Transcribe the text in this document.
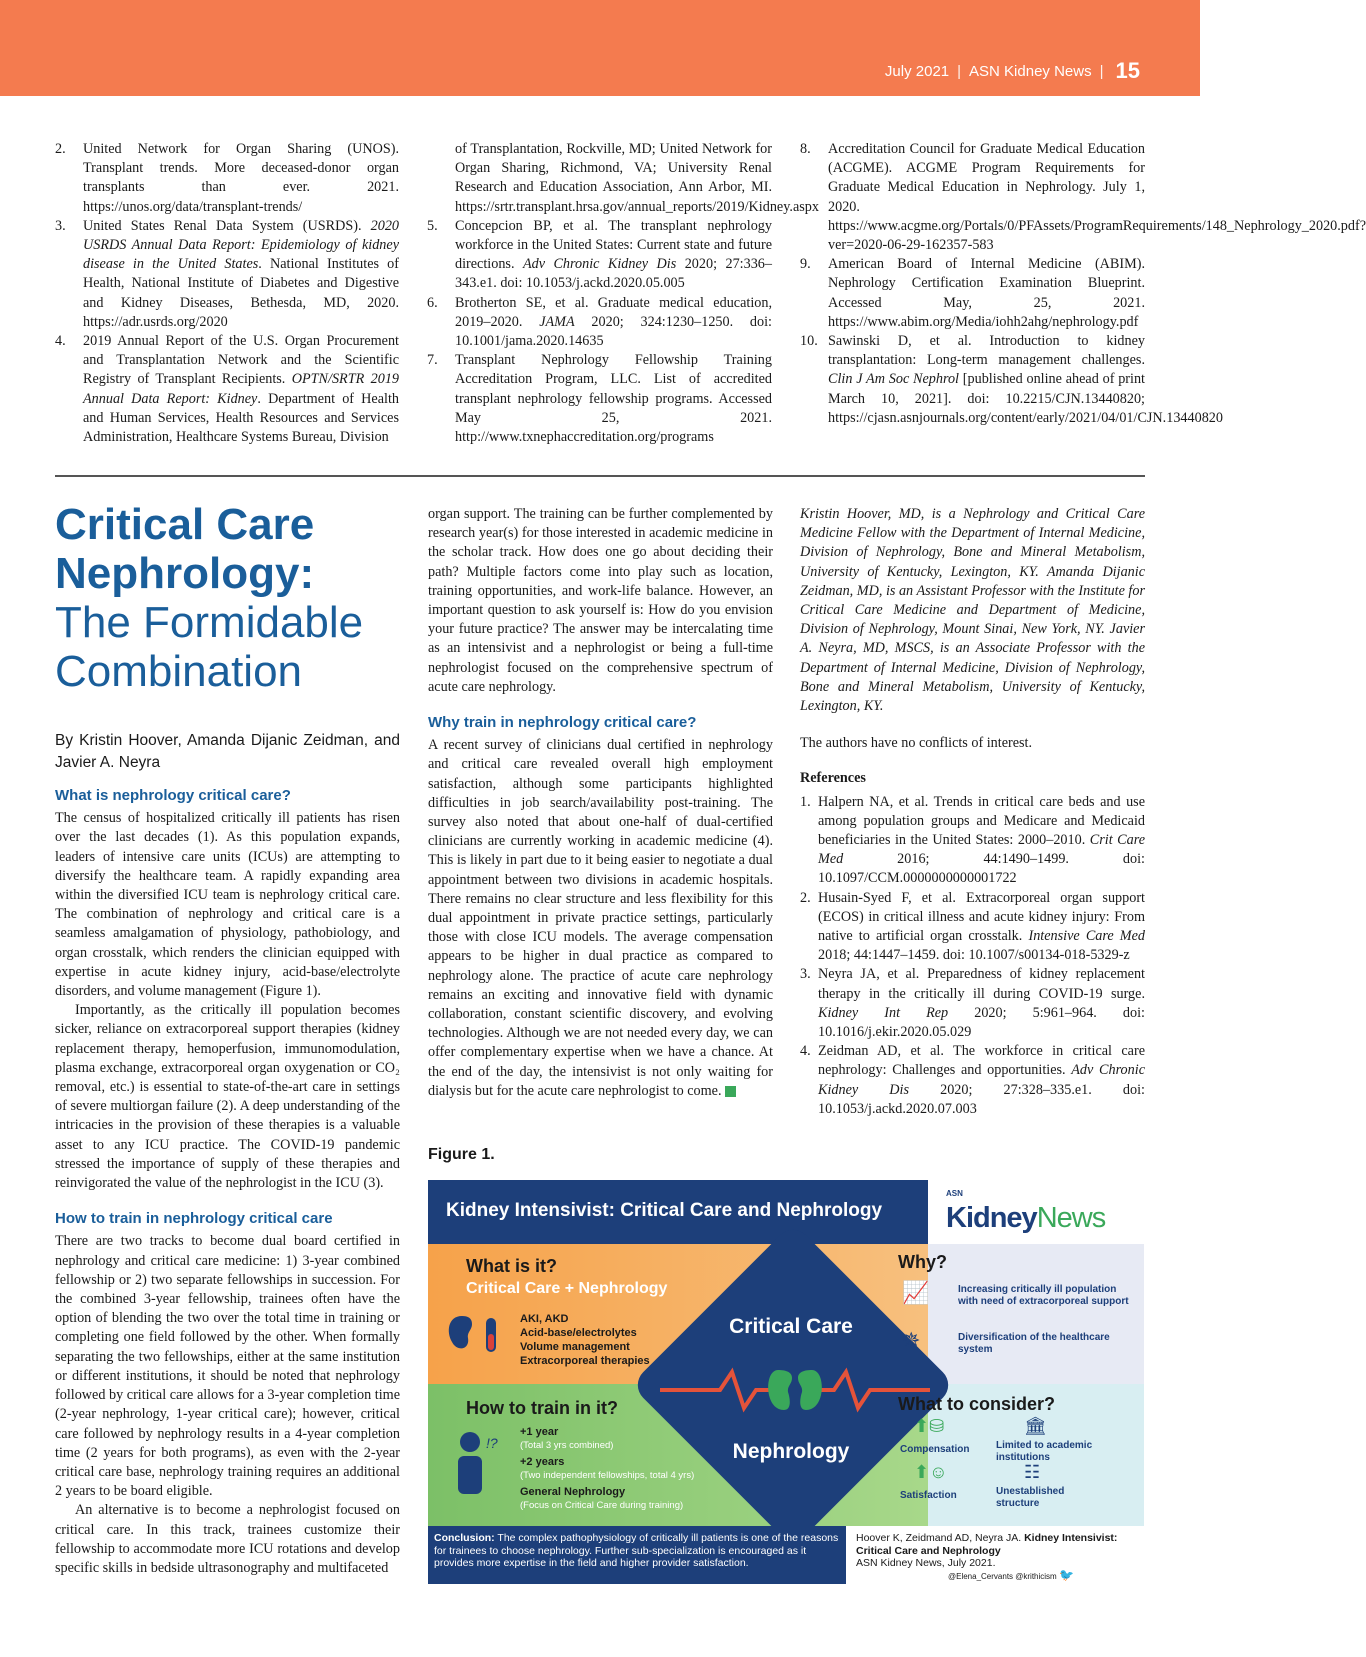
July 2021 | ASN Kidney News | 15
2. United Network for Organ Sharing (UNOS). Transplant trends. More deceased-donor organ transplants than ever. 2021. https://unos.org/data/transplant-trends/
3. United States Renal Data System (USRDS). 2020 USRDS Annual Data Report: Epidemiology of kidney disease in the United States. National Institutes of Health, National Institute of Diabetes and Digestive and Kidney Diseases, Bethesda, MD, 2020. https://adr.usrds.org/2020
4. 2019 Annual Report of the U.S. Organ Procurement and Transplantation Network and the Scientific Registry of Transplant Recipients. OPTN/SRTR 2019 Annual Data Report: Kidney. Department of Health and Human Services, Health Resources and Services Administration, Healthcare Systems Bureau, Division
of Transplantation, Rockville, MD; United Network for Organ Sharing, Richmond, VA; University Renal Research and Education Association, Ann Arbor, MI. https://srtr.transplant.hrsa.gov/annual_reports/2019/Kidney.aspx
5. Concepcion BP, et al. The transplant nephrology workforce in the United States: Current state and future directions. Adv Chronic Kidney Dis 2020; 27:336–343.e1. doi: 10.1053/j.ackd.2020.05.005
6. Brotherton SE, et al. Graduate medical education, 2019–2020. JAMA 2020; 324:1230–1250. doi: 10.1001/jama.2020.14635
7. Transplant Nephrology Fellowship Training Accreditation Program, LLC. List of accredited transplant nephrology fellowship programs. Accessed May 25, 2021. http://www.txnephaccreditation.org/programs
8. Accreditation Council for Graduate Medical Education (ACGME). ACGME Program Requirements for Graduate Medical Education in Nephrology. July 1, 2020. https://www.acgme.org/Portals/0/PFAssets/ProgramRequirements/148_Nephrology_2020.pdf?ver=2020-06-29-162357-583
9. American Board of Internal Medicine (ABIM). Nephrology Certification Examination Blueprint. Accessed May, 25, 2021. https://www.abim.org/Media/iohh2ahg/nephrology.pdf
10. Sawinski D, et al. Introduction to kidney transplantation: Long-term management challenges. Clin J Am Soc Nephrol [published online ahead of print March 10, 2021]. doi: 10.2215/CJN.13440820; https://cjasn.asnjournals.org/content/early/2021/04/01/CJN.13440820
Critical Care
Nephrology:
The Formidable
Combination
By Kristin Hoover, Amanda Dijanic Zeidman, and Javier A. Neyra
What is nephrology critical care?

The census of hospitalized critically ill patients has risen over the last decades (1). As this population expands, leaders of intensive care units (ICUs) are attempting to diversify the healthcare team. A rapidly expanding area within the diversified ICU team is nephrology critical care. The combination of nephrology and critical care is a seamless amalgamation of physiology, pathobiology, and organ crosstalk, which renders the clinician equipped with expertise in acute kidney injury, acid-base/electrolyte disorders, and volume management (Figure 1).

Importantly, as the critically ill population becomes sicker, reliance on extracorporeal support therapies (kidney replacement therapy, hemoperfusion, immunomodulation, plasma exchange, extracorporeal organ oxygenation or CO₂ removal, etc.) is essential to state-of-the-art care in settings of severe multiorgan failure (2). A deep understanding of the intricacies in the provision of these therapies is a valuable asset to any ICU practice. The COVID-19 pandemic stressed the importance of supply of these therapies and reinvigorated the value of the nephrologist in the ICU (3).

How to train in nephrology critical care

There are two tracks to become dual board certified in nephrology and critical care medicine: 1) 3-year combined fellowship or 2) two separate fellowships in succession. For the combined 3-year fellowship, trainees often have the option of blending the two over the total time in training or completing one field followed by the other. When formally separating the two fellowships, either at the same institution or different institutions, it should be noted that nephrology followed by critical care allows for a 3-year completion time (2-year nephrology, 1-year critical care); however, critical care followed by nephrology results in a 4-year completion time (2 years for both programs), as even with the 2-year critical care base, nephrology training requires an additional 2 years to be board eligible.

An alternative is to become a nephrologist focused on critical care. In this track, trainees customize their fellowship to accommodate more ICU rotations and develop specific skills in bedside ultrasonography and multifaceted

organ support. The training can be further complemented by research year(s) for those interested in academic medicine in the scholar track. How does one go about deciding their path? Multiple factors come into play such as location, training opportunities, and work-life balance. However, an important question to ask yourself is: How do you envision your future practice? The answer may be intercalating time as an intensivist and a nephrologist or being a full-time nephrologist focused on the comprehensive spectrum of acute care nephrology.

Why train in nephrology critical care?

A recent survey of clinicians dual certified in nephrology and critical care revealed overall high employment satisfaction, although some participants highlighted difficulties in job search/availability post-training. The survey also noted that about one-half of dual-certified clinicians are currently working in academic medicine (4). This is likely in part due to it being easier to negotiate a dual appointment between two divisions in academic hospitals. There remains no clear structure and less flexibility for this dual appointment in private practice settings, particularly those with close ICU models. The average compensation appears to be higher in dual practice as compared to nephrology alone. The practice of acute care nephrology remains an exciting and innovative field with dynamic collaboration, constant scientific discovery, and evolving technologies. Although we are not needed every day, we can offer complementary expertise when we have a chance. At the end of the day, the intensivist is not only waiting for dialysis but for the acute care nephrologist to come.

Kristin Hoover, MD, is a Nephrology and Critical Care Medicine Fellow with the Department of Internal Medicine, Division of Nephrology, Bone and Mineral Metabolism, University of Kentucky, Lexington, KY. Amanda Dijanic Zeidman, MD, is an Assistant Professor with the Institute for Critical Care Medicine and Department of Medicine, Division of Nephrology, Mount Sinai, New York, NY. Javier A. Neyra, MD, MSCS, is an Associate Professor with the Department of Internal Medicine, Division of Nephrology, Bone and Mineral Metabolism, University of Kentucky, Lexington, KY.

The authors have no conflicts of interest.

References
1. Halpern NA, et al. Trends in critical care beds and use among population groups and Medicare and Medicaid beneficiaries in the United States: 2000–2010. Crit Care Med 2016; 44:1490–1499. doi: 10.1097/CCM.0000000000001722
2. Husain-Syed F, et al. Extracorporeal organ support (ECOS) in critical illness and acute kidney injury: From native to artificial organ crosstalk. Intensive Care Med 2018; 44:1447–1459. doi: 10.1007/s00134-018-5329-z
3. Neyra JA, et al. Preparedness of kidney replacement therapy in the critically ill during COVID-19 surge. Kidney Int Rep 2020; 5:961–964. doi: 10.1016/j.ekir.2020.05.029
4. Zeidman AD, et al. The workforce in critical care nephrology: Challenges and opportunities. Adv Chronic Kidney Dis 2020; 27:328–335.e1. doi: 10.1053/j.ackd.2020.07.003
Figure 1.
Kidney Intensivist: Critical Care and Nephrology
ASN
KidneyNews
What is it?
Critical Care + Nephrology
AKI, AKD
Acid-base/electrolytes
Volume management
Extracorporeal therapies
Critical Care
Nephrology
How to train in it?
!?
+1 year
(Total 3 yrs combined)
+2 years
(Two independent fellowships, total 4 yrs)
General Nephrology
(Focus on Critical Care during training)
Why?
📈	Increasing critically ill population with need of extracorporeal support
✵	Diversification of the healthcare system
What to consider?
⬆⛁
Compensation
🏛
Limited to academic institutions
⬆☺
Satisfaction
☷
Unestablished structure
Conclusion: The complex pathophysiology of critically ill patients is one of the reasons for trainees to choose nephrology. Further sub-specialization is encouraged as it provides more expertise in the field and higher provider satisfaction.
Hoover K, Zeidmand AD, Neyra JA. Kidney Intensivist: Critical Care and Nephrology
ASN Kidney News, July 2021.
@Elena_Cervants @krithicism 🐦
